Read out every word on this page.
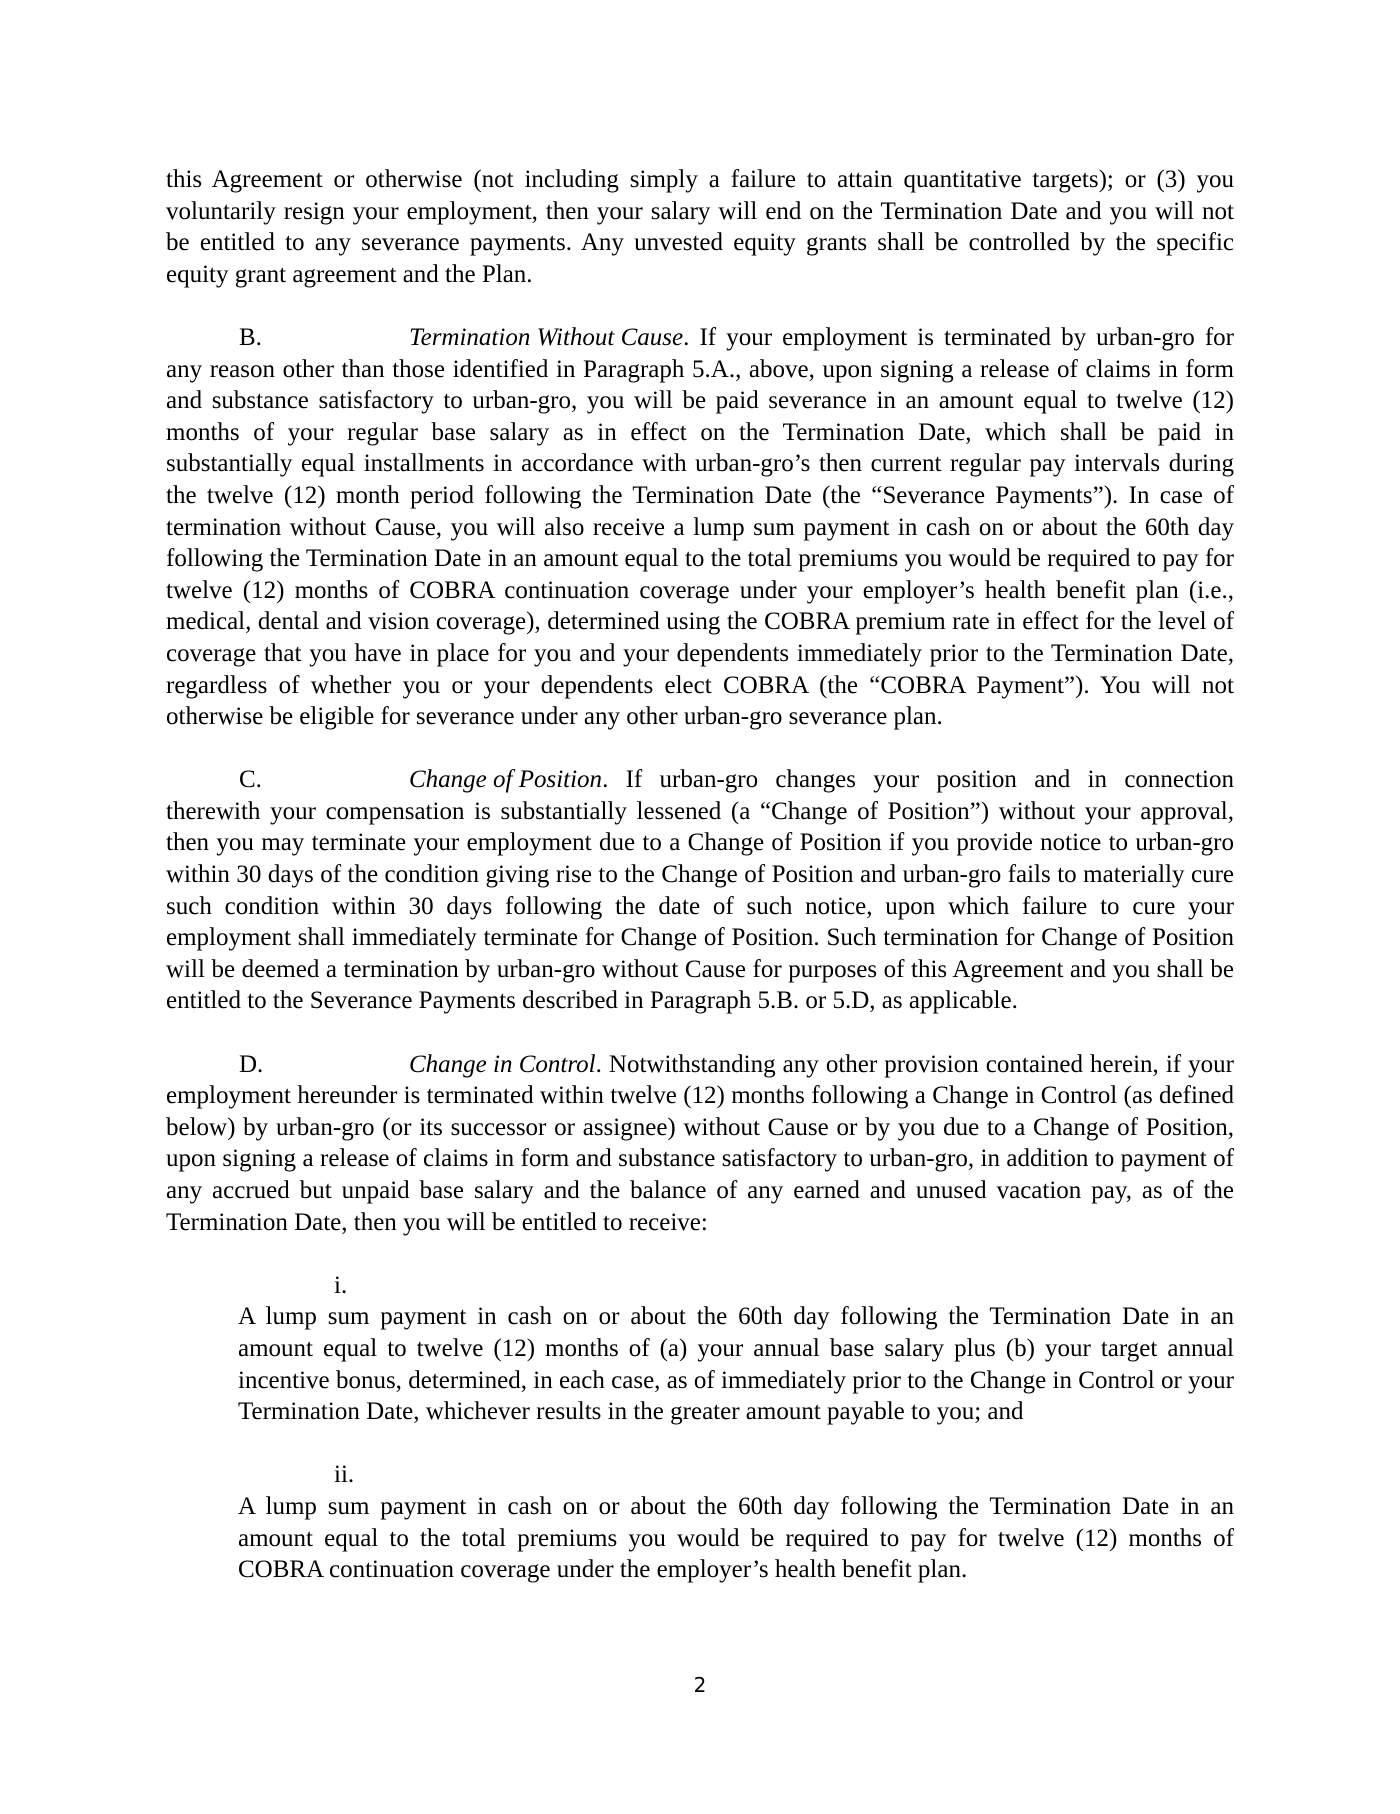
this Agreement or otherwise (not including simply a failure to attain quantitative targets); or (3) you voluntarily resign your employment, then your salary will end on the Termination Date and you will not be entitled to any severance payments. Any unvested equity grants shall be controlled by the specific equity grant agreement and the Plan.

B.	Termination Without Cause. If your employment is terminated by urban-gro for any reason other than those identified in Paragraph 5.A., above, upon signing a release of claims in form and substance satisfactory to urban-gro, you will be paid severance in an amount equal to twelve (12) months of your regular base salary as in effect on the Termination Date, which shall be paid in substantially equal installments in accordance with urban-gro’s then current regular pay intervals during the twelve (12) month period following the Termination Date (the “Severance Payments”). In case of termination without Cause, you will also receive a lump sum payment in cash on or about the 60th day following the Termination Date in an amount equal to the total premiums you would be required to pay for twelve (12) months of COBRA continuation coverage under your employer’s health benefit plan (i.e., medical, dental and vision coverage), determined using the COBRA premium rate in effect for the level of coverage that you have in place for you and your dependents immediately prior to the Termination Date, regardless of whether you or your dependents elect COBRA (the “COBRA Payment”). You will not otherwise be eligible for severance under any other urban-gro severance plan.

C.	Change of Position. If urban-gro changes your position and in connection therewith your compensation is substantially lessened (a “Change of Position”) without your approval, then you may terminate your employment due to a Change of Position if you provide notice to urban-gro within 30 days of the condition giving rise to the Change of Position and urban-gro fails to materially cure such condition within 30 days following the date of such notice, upon which failure to cure your employment shall immediately terminate for Change of Position. Such termination for Change of Position will be deemed a termination by urban-gro without Cause for purposes of this Agreement and you shall be entitled to the Severance Payments described in Paragraph 5.B. or 5.D, as applicable.

D.	Change in Control. Notwithstanding any other provision contained herein, if your employment hereunder is terminated within twelve (12) months following a Change in Control (as defined below) by urban-gro (or its successor or assignee) without Cause or by you due to a Change of Position, upon signing a release of claims in form and substance satisfactory to urban-gro, in addition to payment of any accrued but unpaid base salary and the balance of any earned and unused vacation pay, as of the Termination Date, then you will be entitled to receive:

i.A lump sum payment in cash on or about the 60th day following the Termination Date in an amount equal to twelve (12) months of (a) your annual base salary plus (b) your target annual incentive bonus, determined, in each case, as of immediately prior to the Change in Control or your Termination Date, whichever results in the greater amount payable to you; and

ii.A lump sum payment in cash on or about the 60th day following the Termination Date in an amount equal to the total premiums you would be required to pay for twelve (12) months of COBRA continuation coverage under the employer’s health benefit plan.

2
